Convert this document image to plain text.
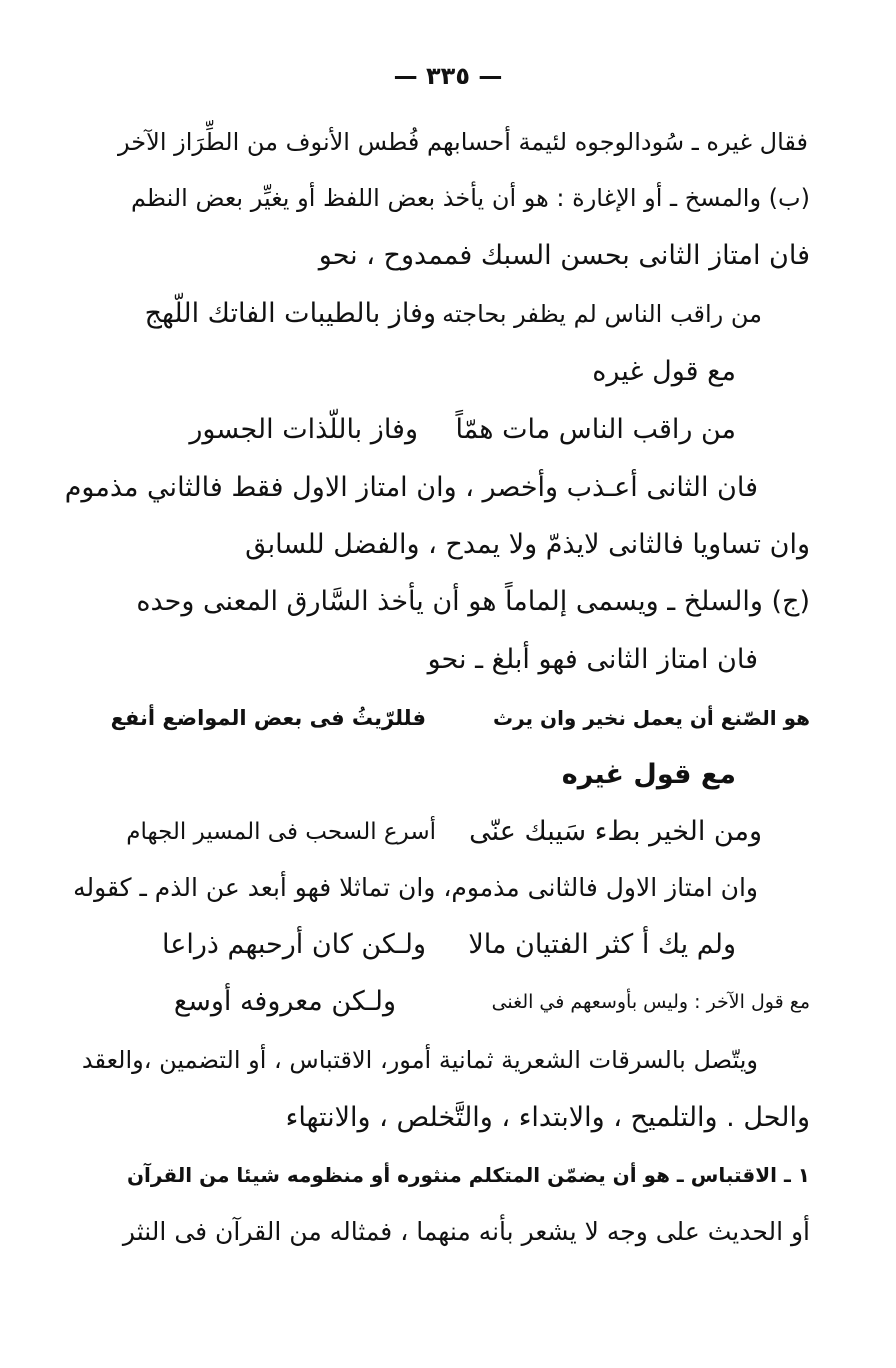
— ٣٣٥ —
فقال غيره ـ سُودالوجوه لئيمة أحسابهم فُطس الأنوف من الطِّرَاز الآخر
(ب) والمسخ ـ أو الإغارة : هو أن يأخذ بعض اللفظ أو يغيِّر بعض النظم
فان امتاز الثانى بحسن السبك فممدوح ، نحو
من راقب الناس لم يظفر بحاجته
وفاز بالطيبات الفاتك اللّهج
مع قول غيره
من راقب الناس مات همّاً
وفاز باللّذات الجسور
فان الثانى أعـذب وأخصر ، وان امتاز الاول فقط فالثاني مذموم
وان تساويا فالثانى لايذمّ ولا يمدح ، والفضل للسابق
(ج) والسلخ ـ ويسمى إلماماً هو أن يأخذ السَّارق المعنى وحده
فان امتاز الثانى فهو أبلغ ـ نحو
هو الصّنع أن يعمل نخير وان يرث
فللرّيثُ فى بعض المواضع أنفع
مع قول غيره
ومن الخير بطء سَيبك عنّى
أسرع السحب فى المسير الجهام
وان امتاز الاول فالثانى مذموم، وان تماثلا فهو أبعد عن الذم ـ كقوله
ولم يك أ كثر الفتيان مالا
ولـكن كان أرحبهم ذراعا
مع قول الآخر : وليس بأوسعهم في الغنى
ولـكن معروفه أوسع
ويتّصل بالسرقات الشعرية ثمانية أمور، الاقتباس ، أو التضمين ،والعقد
والحل . والتلميح ، والابتداء ، والتَّخلص ، والانتهاء
١ ـ الاقتباس ـ هو أن يضمّن المتكلم منثوره أو منظومه شيئا من القرآن
أو الحديث على وجه لا يشعر بأنه منهما ، فمثاله من القرآن فى النثر
